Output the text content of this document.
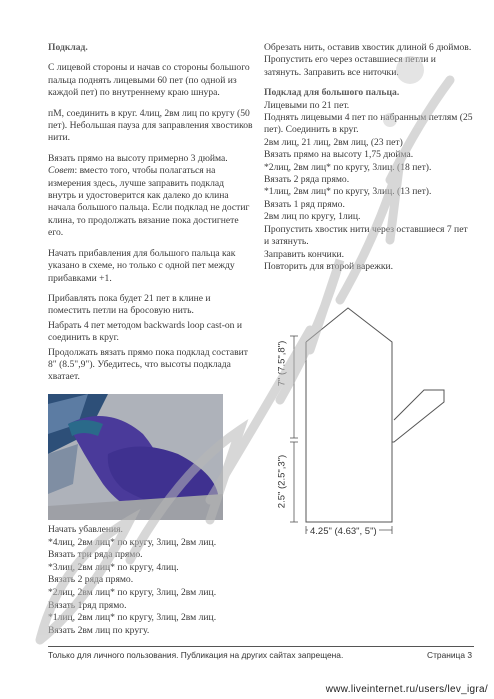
Подклад.

С лицевой стороны и начав со стороны большого пальца поднять лицевыми 60 пет (по одной из каждой пет) по внутреннему краю шнура.

пМ, соединить в круг. 4лиц, 2вм лиц по кругу (50 пет). Небольшая пауза для заправления хвостиков нити.

Вязать прямо на высоту примерно 3 дюйма.
Совет: вместо того, чтобы полагаться на измерения здесь, лучше заправить подклад внутрь и удостоверится как далеко до клина начала большого пальца. Если подклад не достиг клина, то продолжать вязание пока достигнете его.

Начать прибавления для большого пальца как указано в схеме, но только с одной пет между прибавками +1.

Прибавлять пока будет 21 пет в клине и поместить петли на бросовую нить.

Набрать 4 пет методом backwards loop cast-on и соединить в круг.

Продолжать вязать прямо пока подклад составит 8" (8.5",9"). Убедитесь, что высоты подклада хватает.

Начать убавления.
*4лиц, 2вм лиц* по кругу, 3лиц, 2вм лиц.
Вязать три ряда прямо.
*3лиц, 2вм лиц* по кругу, 4лиц.
Вязать 2 ряда прямо.
*2лиц, 2вм лиц* по кругу, 3лиц, 2вм лиц.
Вязать 1ряд прямо.
*1лиц, 2вм лиц* по кругу, 3лиц, 2вм лиц.
Вязать 2вм лиц по кругу.

Обрезать нить, оставив хвостик длиной 6 дюймов. Пропустить его через оставшиеся петли и затянуть. Заправить все ниточки.

Подклад для большого пальца.
Лицевыми по 21 пет.
Поднять лицевыми 4 пет по набранным петлям (25 пет). Соединить в круг.
2вм лиц, 21 лиц, 2вм лиц, (23 пет)
Вязать прямо на высоту 1,75 дюйма.
*2лиц, 2вм лиц* по кругу, 3лиц. (18 пет).
Вязать 2 ряда прямо.
*1лиц, 2вм лиц* по кругу, 3лиц. (13 пет).
Вязать 1 ряд прямо.
2вм лиц по кругу, 1лиц.
Пропустить хвостик нити через оставшиеся 7 пет и затянуть.
Заправить кончики.
Повторить для второй варежки.
7" (7.5",8")
2.5" (2.5",3")
4.25" (4.63", 5")
Только для личного пользования. Публикация на других сайтах запрещена.	Страница 3
www.liveinternet.ru/users/lev_igra/
